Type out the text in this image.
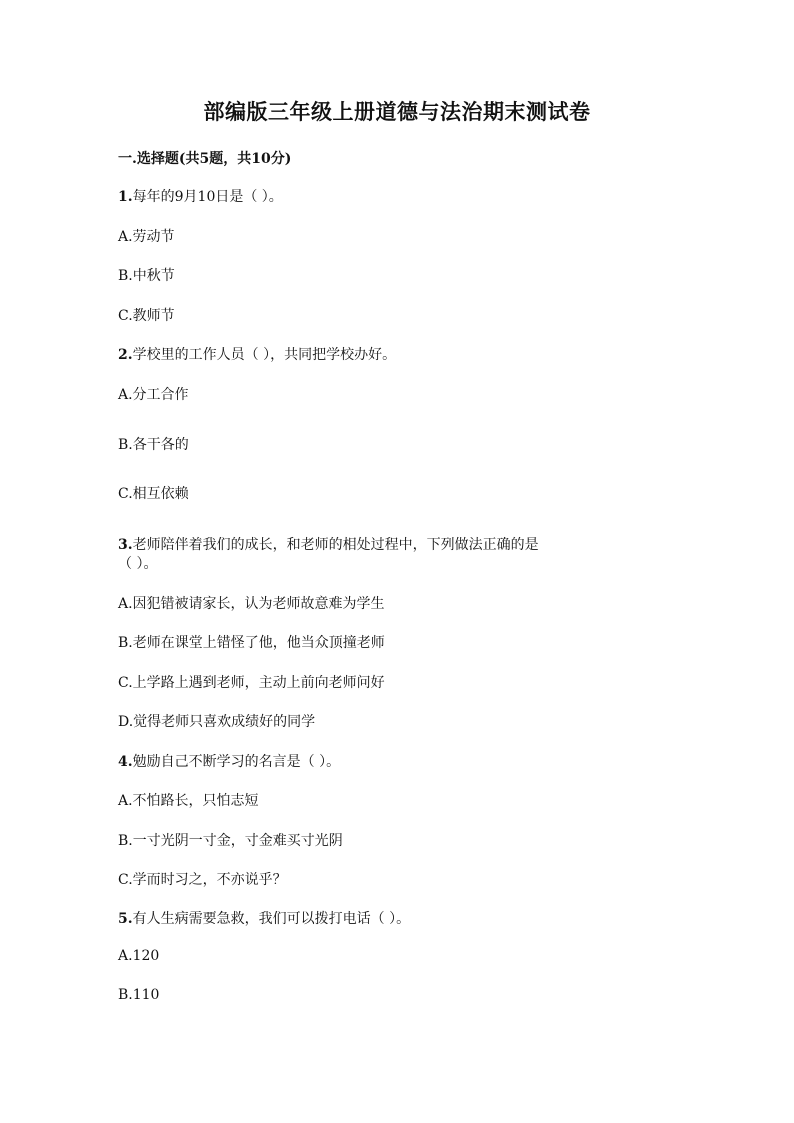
部编版三年级上册道德与法治期末测试卷
一.选择题(共5题，共10分)
1.每年的9月10日是（ ）。
A.劳动节
B.中秋节
C.教师节
2.学校里的工作人员（ ），共同把学校办好。
A.分工合作
B.各干各的
C.相互依赖
3.老师陪伴着我们的成长，和老师的相处过程中，下列做法正确的是
（ ）。
A.因犯错被请家长，认为老师故意难为学生
B.老师在课堂上错怪了他，他当众顶撞老师
C.上学路上遇到老师，主动上前向老师问好
D.觉得老师只喜欢成绩好的同学
4.勉励自己不断学习的名言是（ ）。
A.不怕路长，只怕志短
B.一寸光阴一寸金，寸金难买寸光阴
C.学而时习之，不亦说乎？
5.有人生病需要急救，我们可以拨打电话（ ）。
A.120
B.110
